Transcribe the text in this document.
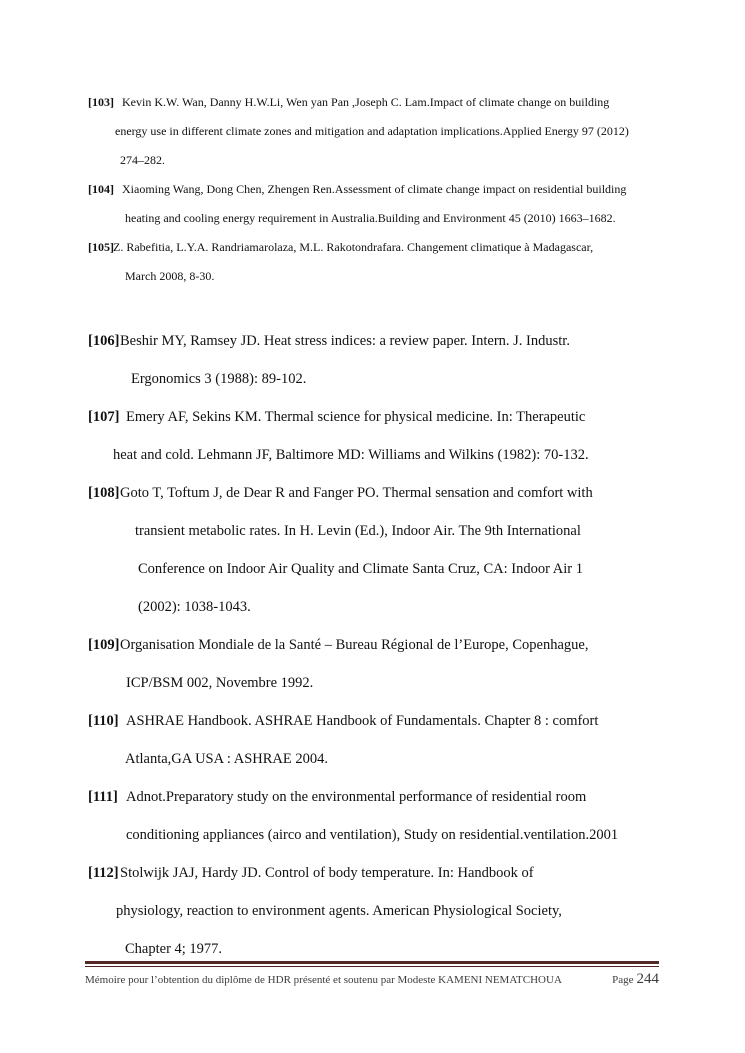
[103] Kevin K.W. Wan, Danny H.W.Li, Wen yan Pan ,Joseph C. Lam.Impact of climate change on building
energy use in different climate zones and mitigation and adaptation implications.Applied Energy 97 (2012)
274–282.
[104] Xiaoming Wang, Dong Chen, Zhengen Ren.Assessment of climate change impact on residential building
heating and cooling energy requirement in Australia.Building and Environment 45 (2010) 1663–1682.
[105]Z. Rabefitia, L.Y.A. Randriamarolaza, M.L. Rakotondrafara. Changement climatique à Madagascar,
March 2008, 8-30.
[106]Beshir MY, Ramsey JD. Heat stress indices: a review paper. Intern. J. Industr.
Ergonomics 3 (1988): 89-102.
[107] Emery AF, Sekins KM. Thermal science for physical medicine. In: Therapeutic
heat and cold. Lehmann JF, Baltimore MD: Williams and Wilkins (1982): 70-132.
[108]Goto T, Toftum J, de Dear R and Fanger PO. Thermal sensation and comfort with
transient metabolic rates. In H. Levin (Ed.), Indoor Air. The 9th International
Conference on Indoor Air Quality and Climate Santa Cruz, CA: Indoor Air 1
(2002): 1038-1043.
[109]Organisation Mondiale de la Santé – Bureau Régional de l’Europe, Copenhague,
ICP/BSM 002, Novembre 1992.
[110] ASHRAE Handbook. ASHRAE Handbook of Fundamentals. Chapter 8 : comfort
Atlanta,GA USA : ASHRAE 2004.
[111] Adnot.Preparatory study on the environmental performance of residential room
conditioning appliances (airco and ventilation), Study on residential.ventilation.2001
[112]Stolwijk JAJ, Hardy JD. Control of body temperature. In: Handbook of
physiology, reaction to environment agents. American Physiological Society,
Chapter 4; 1977.
Mémoire pour l’obtention du diplôme de HDR présenté et soutenu par Modeste KAMENI NEMATCHOUA	Page 244
